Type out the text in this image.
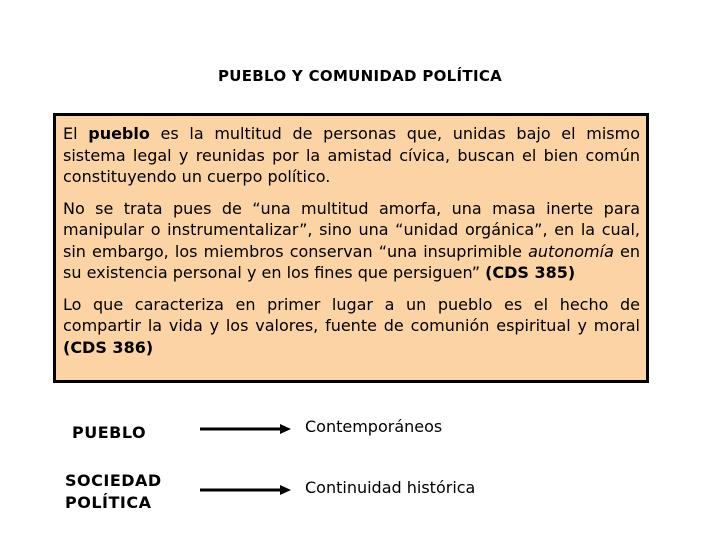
PUEBLO Y COMUNIDAD POLÍTICA

El pueblo es la multitud de personas que, unidas bajo el mismo sistema legal y reunidas por la amistad cívica, buscan el bien común constituyendo un cuerpo político.

No se trata pues de “una multitud amorfa, una masa inerte para manipular o instrumentalizar”, sino una “unidad orgánica”, en la cual, sin embargo, los miembros conservan “una insuprimible autonomía en su existencia personal y en los fines que persiguen” (CDS 385)

Lo que caracteriza en primer lugar a un pueblo es el hecho de compartir la vida y los valores, fuente de comunión espiritual y moral (CDS 386)

PUEBLO	Contemporáneos
SOCIEDAD
POLÍTICA
Continuidad histórica
